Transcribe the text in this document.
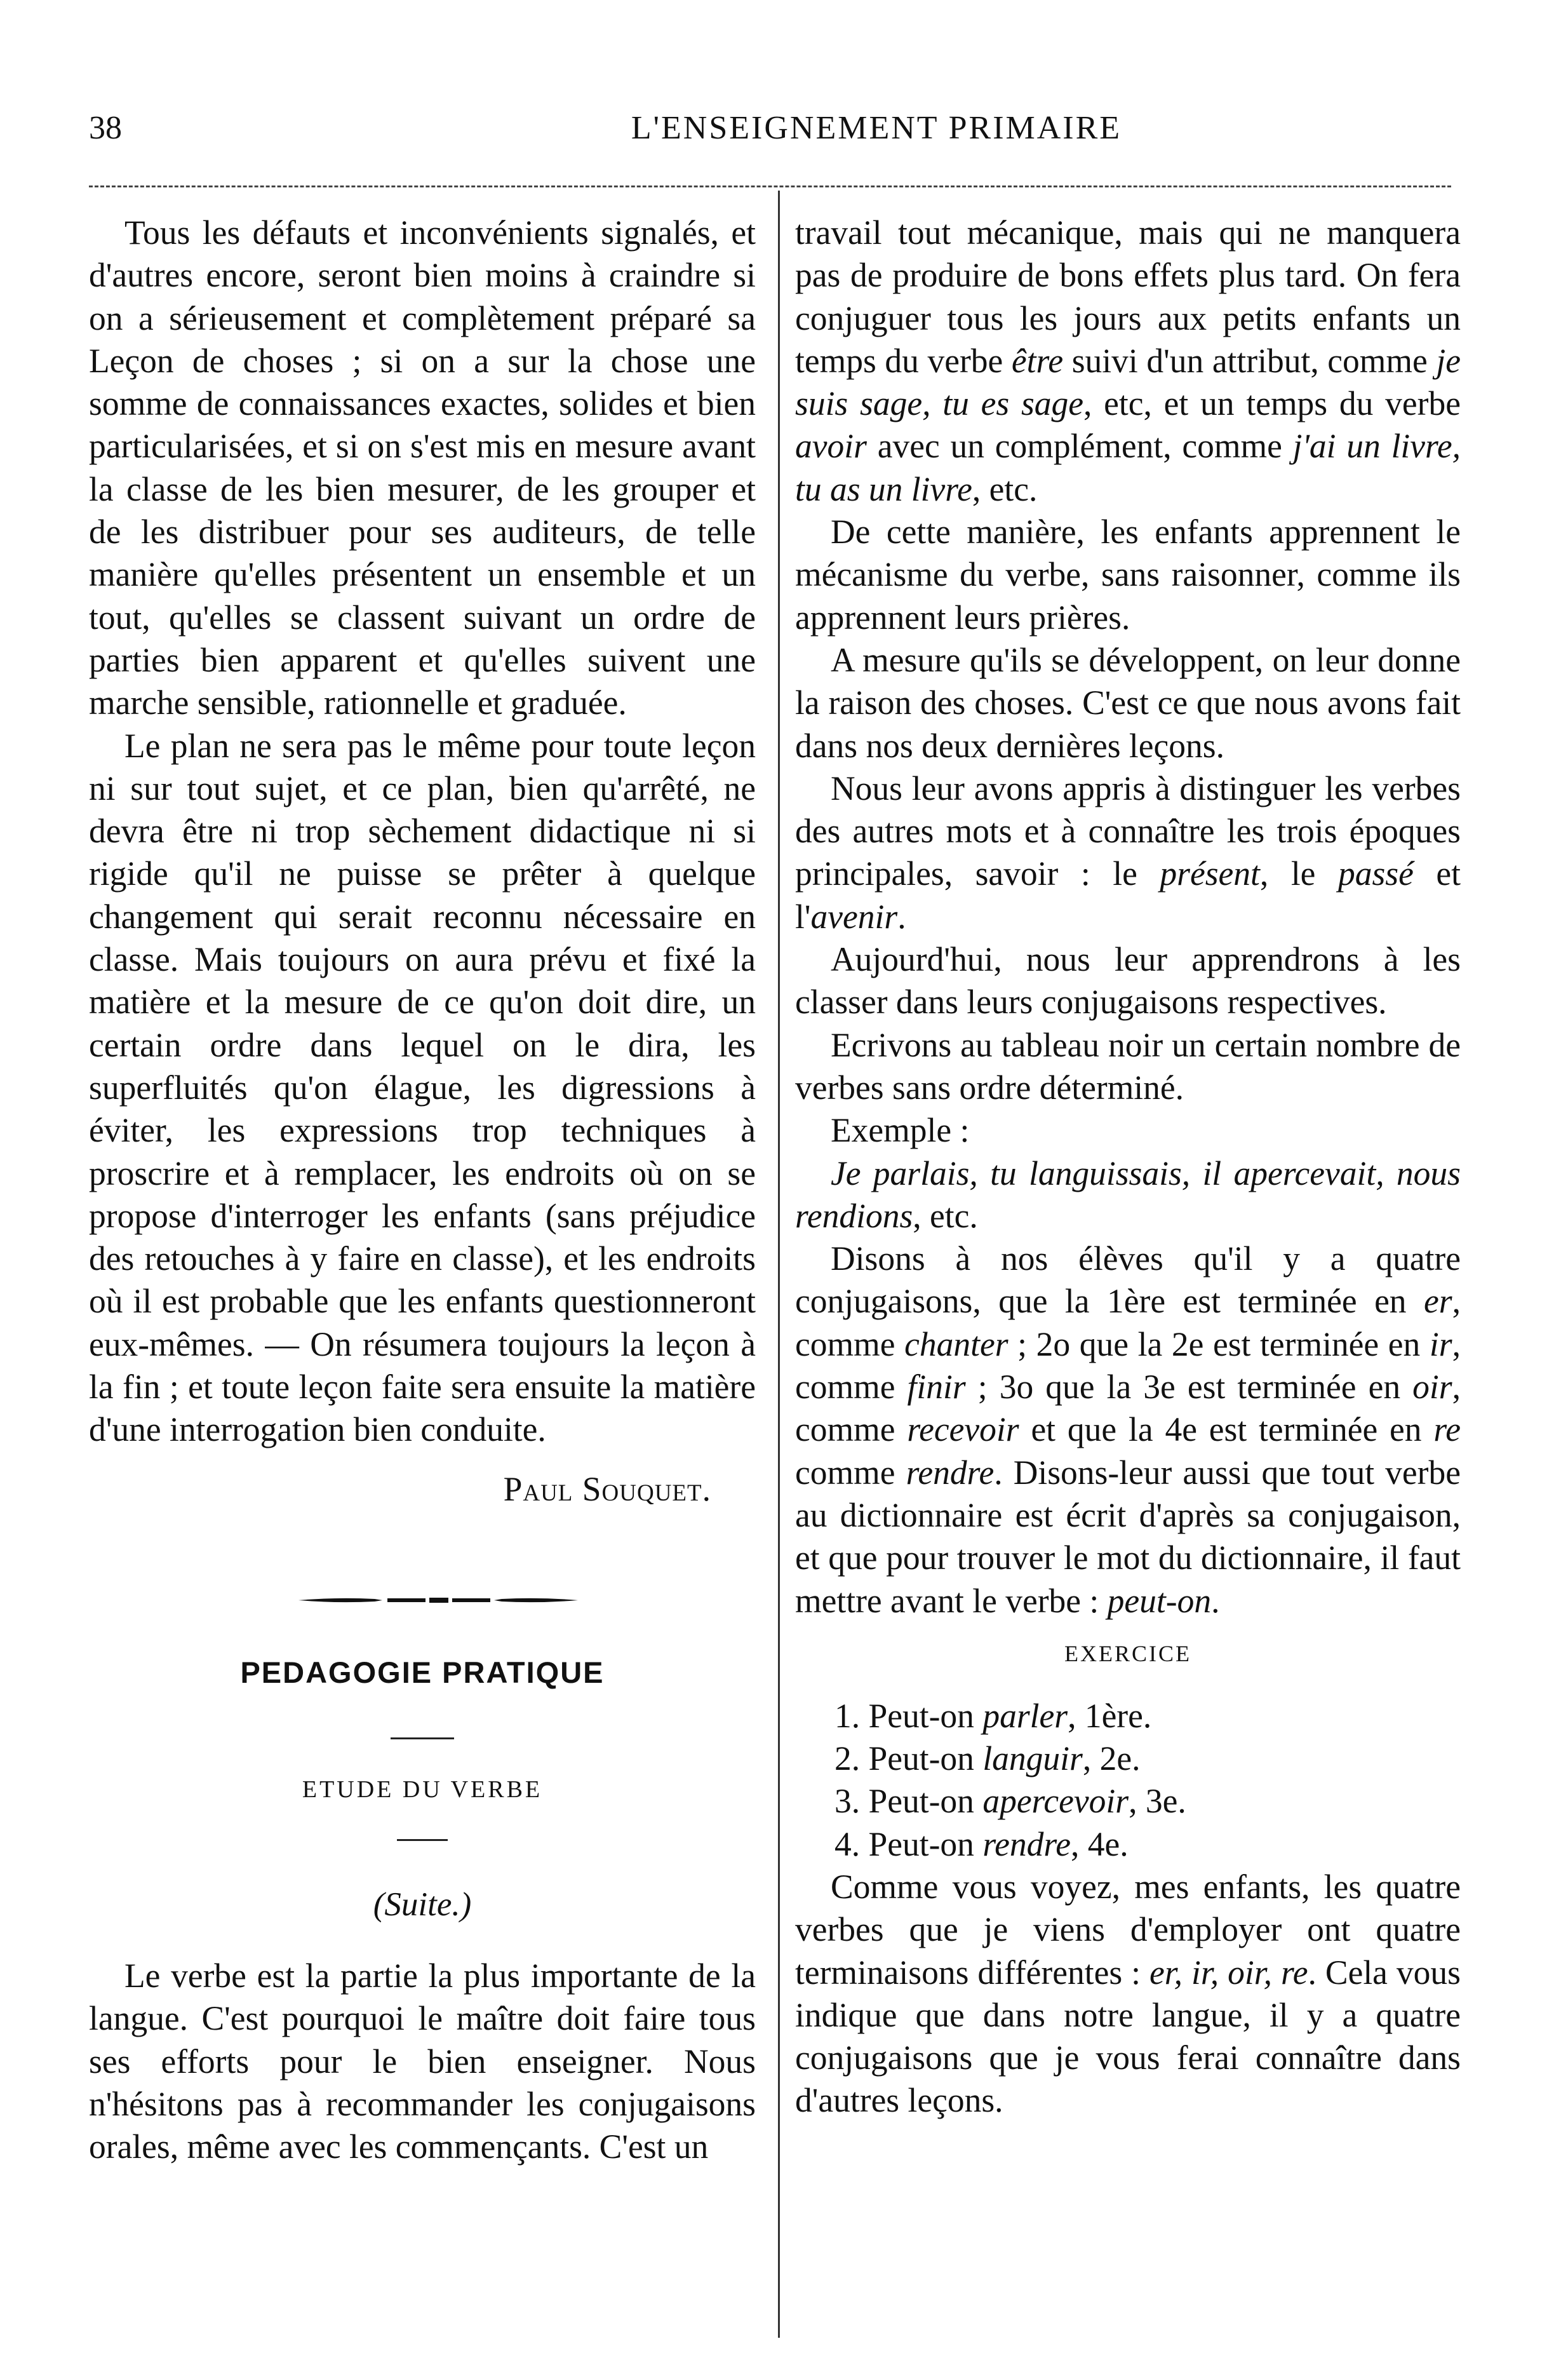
38	L'ENSEIGNEMENT PRIMAIRE

Tous les défauts et inconvénients signalés, et d'autres encore, seront bien moins à craindre si on a sérieusement et complètement préparé sa Leçon de choses ; si on a sur la chose une somme de connaissances exactes, solides et bien particularisées, et si on s'est mis en mesure avant la classe de les bien mesurer, de les grouper et de les distribuer pour ses auditeurs, de telle manière qu'elles présentent un ensemble et un tout, qu'elles se classent suivant un ordre de parties bien apparent et qu'elles suivent une marche sensible, rationnelle et graduée.

Le plan ne sera pas le même pour toute leçon ni sur tout sujet, et ce plan, bien qu'arrêté, ne devra être ni trop sèchement didactique ni si rigide qu'il ne puisse se prêter à quelque changement qui serait reconnu nécessaire en classe. Mais toujours on aura prévu et fixé la matière et la mesure de ce qu'on doit dire, un certain ordre dans lequel on le dira, les superfluités qu'on élague, les digressions à éviter, les expressions trop techniques à proscrire et à remplacer, les endroits où on se propose d'interroger les enfants (sans préjudice des retouches à y faire en classe), et les endroits où il est probable que les enfants questionneront eux-mêmes. — On résumera toujours la leçon à la fin ; et toute leçon faite sera ensuite la matière d'une interrogation bien conduite.

Paul Souquet.

PEDAGOGIE PRATIQUE
ETUDE DU VERBE
(Suite.)

Le verbe est la partie la plus importante de la langue. C'est pourquoi le maître doit faire tous ses efforts pour le bien enseigner. Nous n'hésitons pas à recommander les conjugaisons orales, même avec les commençants. C'est un

travail tout mécanique, mais qui ne manquera pas de produire de bons effets plus tard. On fera conjuguer tous les jours aux petits enfants un temps du verbe être suivi d'un attribut, comme je suis sage, tu es sage, etc, et un temps du verbe avoir avec un complément, comme j'ai un livre, tu as un livre, etc.

De cette manière, les enfants apprennent le mécanisme du verbe, sans raisonner, comme ils apprennent leurs prières.

A mesure qu'ils se développent, on leur donne la raison des choses. C'est ce que nous avons fait dans nos deux dernières leçons.

Nous leur avons appris à distinguer les verbes des autres mots et à connaître les trois époques principales, savoir : le présent, le passé et l'avenir.

Aujourd'hui, nous leur apprendrons à les classer dans leurs conjugaisons respectives.

Ecrivons au tableau noir un certain nombre de verbes sans ordre déterminé.

Exemple :

Je parlais, tu languissais, il apercevait, nous rendions, etc.

Disons à nos élèves qu'il y a quatre conjugaisons, que la 1ère est terminée en er, comme chanter ; 2o que la 2e est terminée en ir, comme finir ; 3o que la 3e est terminée en oir, comme recevoir et que la 4e est terminée en re comme rendre. Disons-leur aussi que tout verbe au dictionnaire est écrit d'après sa conjugaison, et que pour trouver le mot du dictionnaire, il faut mettre avant le verbe : peut-on.

EXERCICE

1. Peut-on parler, 1ère.

2. Peut-on languir, 2e.

3. Peut-on apercevoir, 3e.

4. Peut-on rendre, 4e.

Comme vous voyez, mes enfants, les quatre verbes que je viens d'employer ont quatre terminaisons différentes : er, ir, oir, re. Cela vous indique que dans notre langue, il y a quatre conjugaisons que je vous ferai connaître dans d'autres leçons.
